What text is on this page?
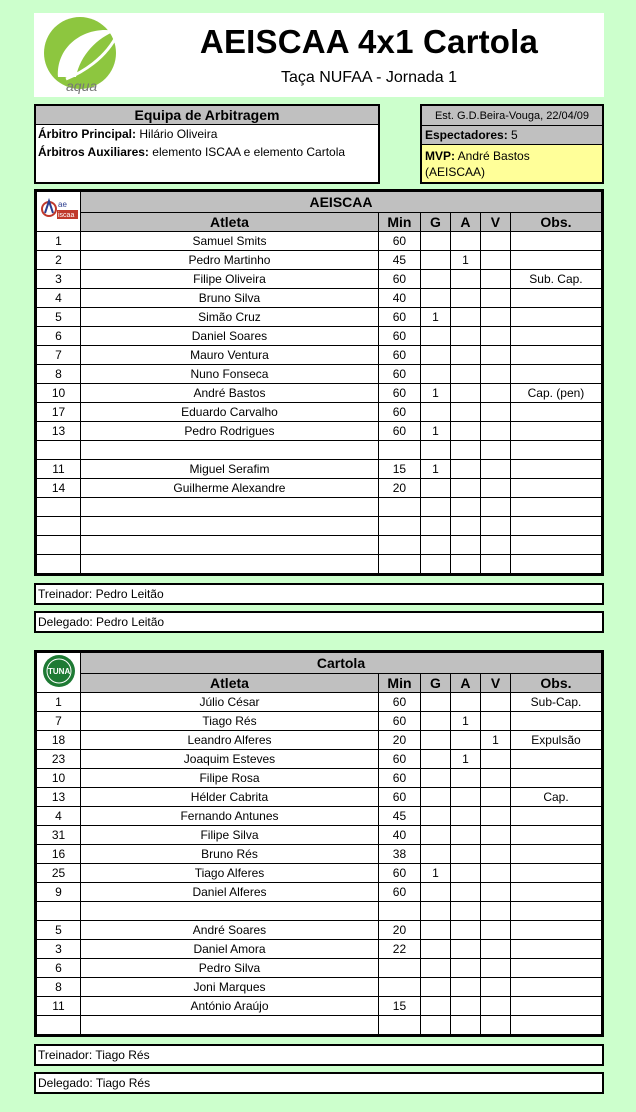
aqua
AEISCAA 4x1 Cartola
Taça NUFAA - Jornada 1
Equipa de Arbitragem
Árbitro Principal: Hilário Oliveira
Árbitros Auxiliares: elemento ISCAA e elemento Cartola
Est. G.D.Beira-Vouga, 22/04/09
Espectadores: 5
MVP: André Bastos
(AEISCAA)
ae
iscaa	AEISCAA					
	Atleta	Min	G	A	V	Obs.
1	Samuel Smits	60				
2	Pedro Martinho	45		1		
3	Filipe Oliveira	60				Sub. Cap.
4	Bruno Silva	40				
5	Simão Cruz	60	1			
6	Daniel Soares	60				
7	Mauro Ventura	60				
8	Nuno Fonseca	60				
10	André Bastos	60	1			Cap. (pen)
17	Eduardo Carvalho	60				
13	Pedro Rodrigues	60	1			

11	Miguel Serafim	15	1			
14	Guilherme Alexandre	20				

Treinador: Pedro Leitão
Delegado: Pedro Leitão
TUNA	Cartola					
	Atleta	Min	G	A	V	Obs.
1	Júlio César	60				Sub-Cap.
7	Tiago Rés	60		1		
18	Leandro Alferes	20			1	Expulsão
23	Joaquim Esteves	60		1		
10	Filipe Rosa	60				
13	Hélder Cabrita	60				Cap.
4	Fernando Antunes	45				
31	Filipe Silva	40				
16	Bruno Rés	38				
25	Tiago Alferes	60	1			
9	Daniel Alferes	60				

5	André Soares	20				
3	Daniel Amora	22				
6	Pedro Silva					
8	Joni Marques					
11	António Araújo	15				

Treinador: Tiago Rés
Delegado: Tiago Rés
